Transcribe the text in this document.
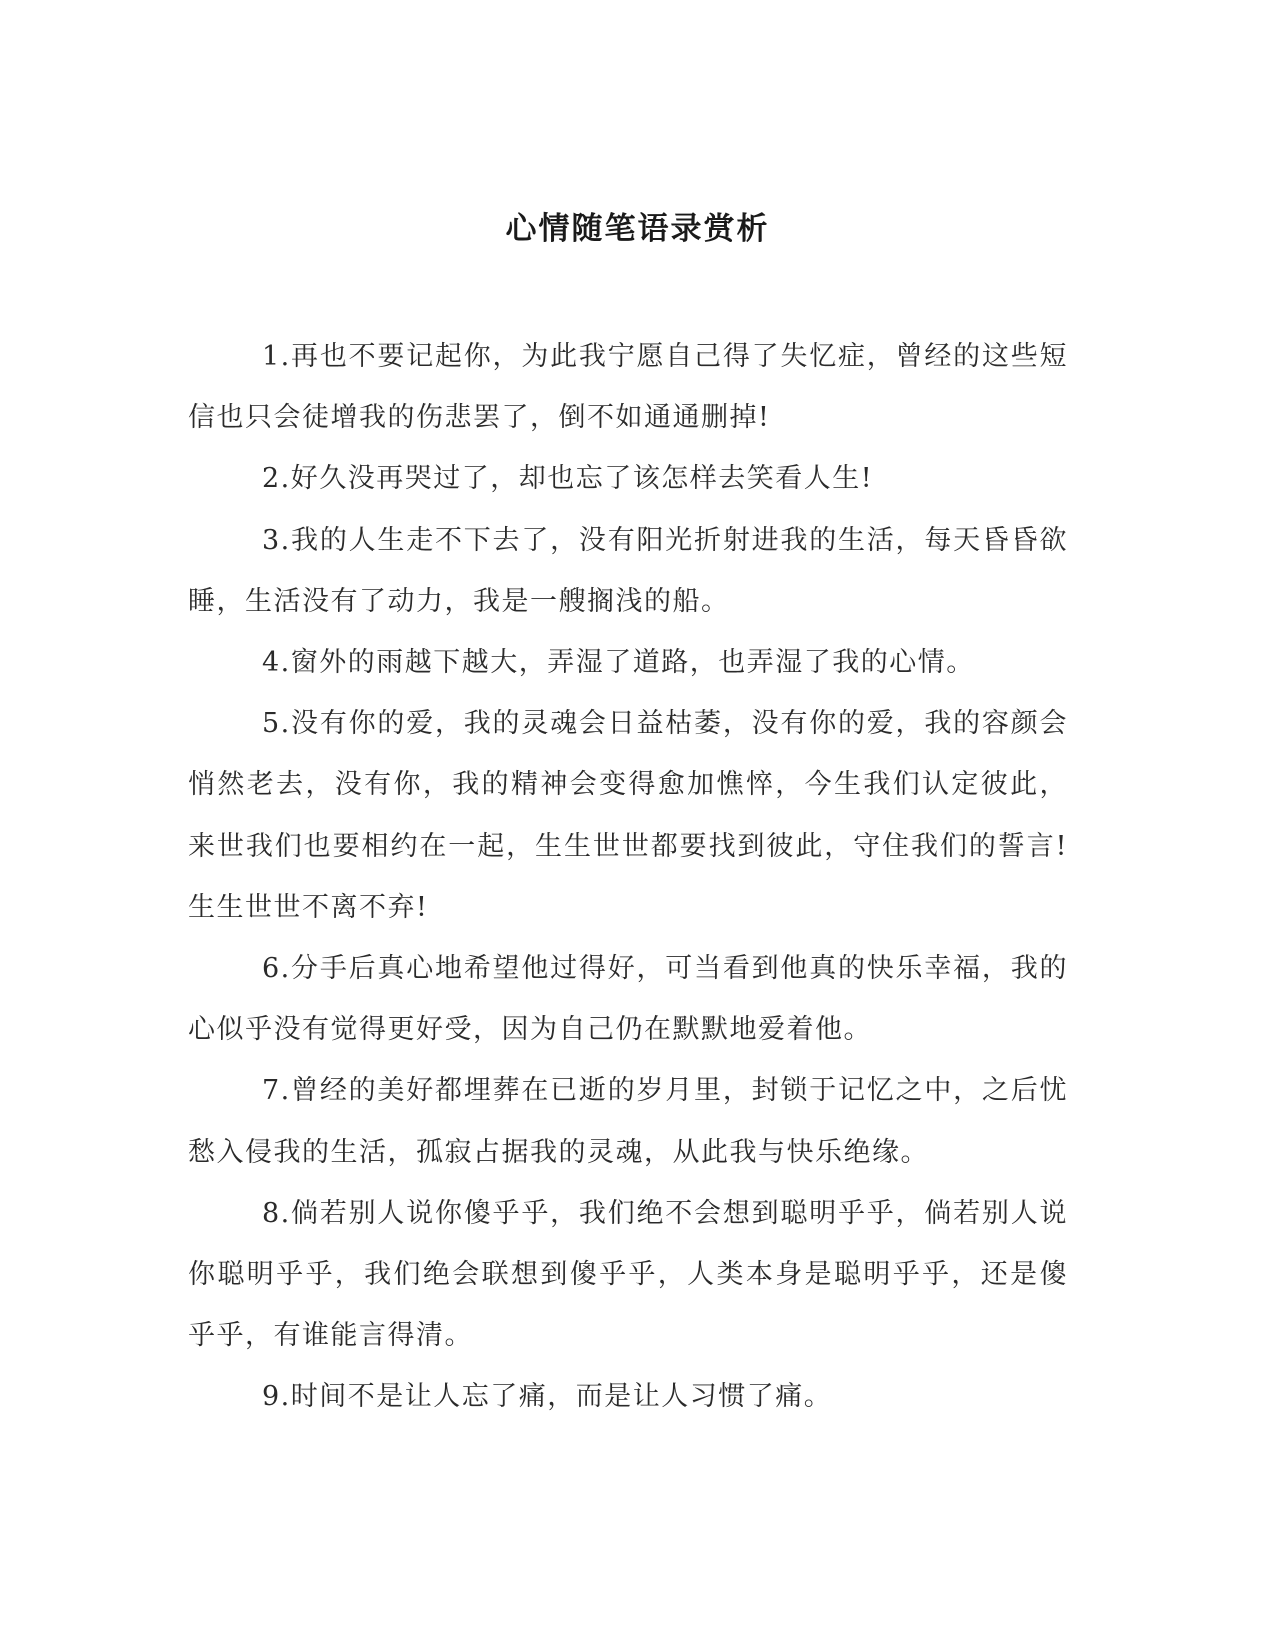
心情随笔语录赏析

1.再也不要记起你，为此我宁愿自己得了失忆症，曾经的这些短信也只会徒增我的伤悲罢了，倒不如通通删掉!

2.好久没再哭过了，却也忘了该怎样去笑看人生!

3.我的人生走不下去了，没有阳光折射进我的生活，每天昏昏欲睡，生活没有了动力，我是一艘搁浅的船。

4.窗外的雨越下越大，弄湿了道路，也弄湿了我的心情。

5.没有你的爱，我的灵魂会日益枯萎，没有你的爱，我的容颜会悄然老去，没有你，我的精神会变得愈加憔悴，今生我们认定彼此，来世我们也要相约在一起，生生世世都要找到彼此，守住我们的誓言!生生世世不离不弃!

6.分手后真心地希望他过得好，可当看到他真的快乐幸福，我的心似乎没有觉得更好受，因为自己仍在默默地爱着他。

7.曾经的美好都埋葬在已逝的岁月里，封锁于记忆之中，之后忧愁入侵我的生活，孤寂占据我的灵魂，从此我与快乐绝缘。

8.倘若别人说你傻乎乎，我们绝不会想到聪明乎乎，倘若别人说你聪明乎乎，我们绝会联想到傻乎乎，人类本身是聪明乎乎，还是傻乎乎，有谁能言得清。

9.时间不是让人忘了痛，而是让人习惯了痛。
